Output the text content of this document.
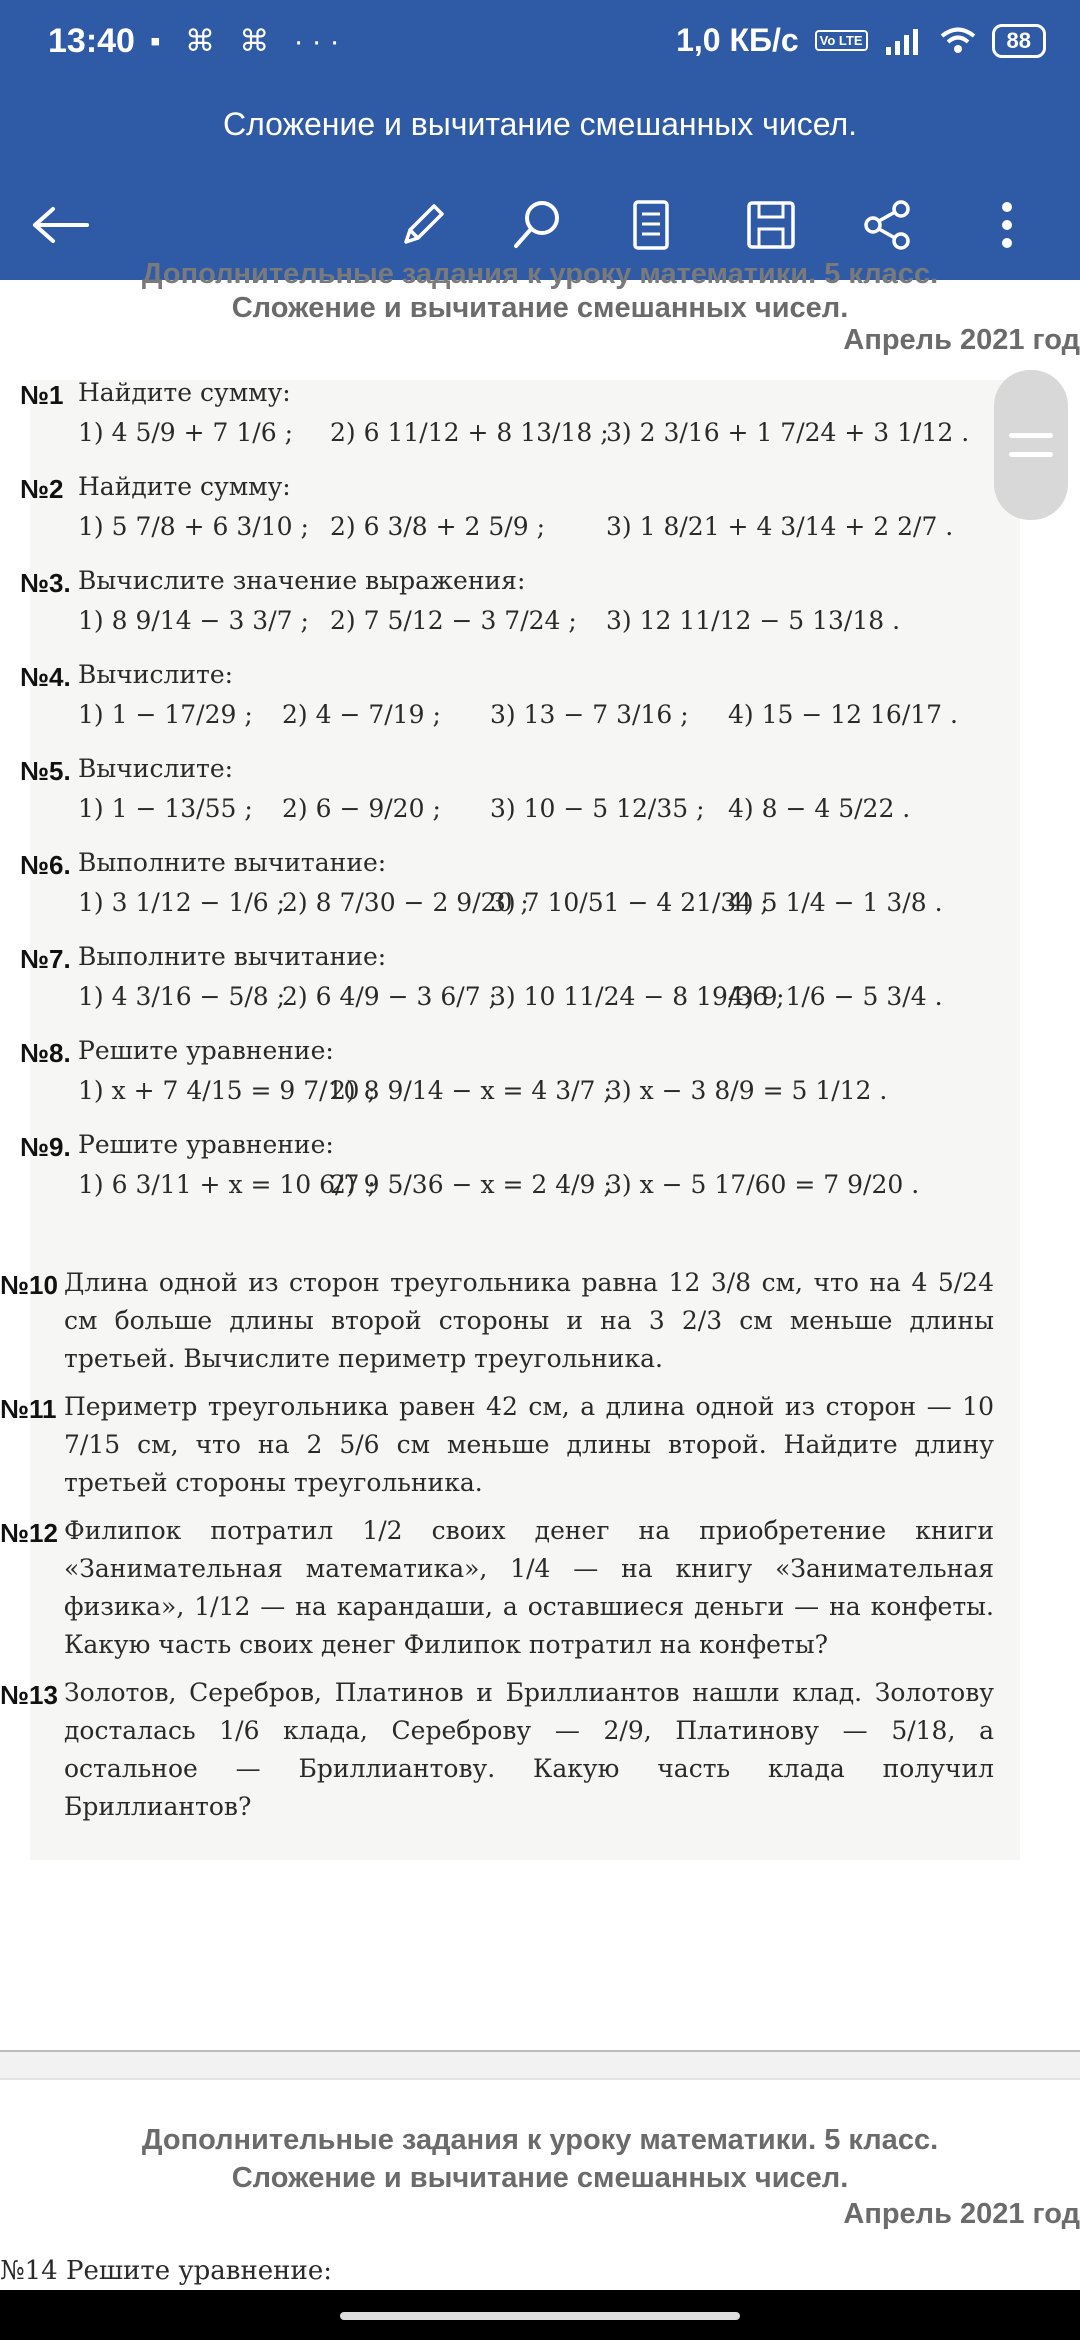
13:40 ▪ ⌘ ⌘ ···	1,0 КБ/с	Vo LTE	88
Сложение и вычитание смешанных чисел.
Дополнительные задания к уроку математики. 5 класс.
Сложение и вычитание смешанных чисел.
Апрель 2021 год
№1 Найдите сумму:
1) 4 5/9 + 7 1/6 ; 2) 6 11/12 + 8 13/18 ;
3) 2 3/16 + 1 7/24 + 3 1/12 .
№2 Найдите сумму:
1) 5 7/8 + 6 3/10 ; 2) 6 3/8 + 2 5/9 ; 3) 1 8/21 + 4 3/14 + 2 2/7 .
№3. Вычислите значение выражения:
1) 8 9/14 − 3 3/7 ; 2) 7 5/12 − 3 7/24 ; 3) 12 11/12 − 5 13/18 .
№4. Вычислите:
1) 1 − 17/29 ; 2) 4 − 7/19 ; 3) 13 − 7 3/16 ; 4) 15 − 12 16/17 .
№5. Вычислите:
1) 1 − 13/55 ; 2) 6 − 9/20 ; 3) 10 − 5 12/35 ; 4) 8 − 4 5/22 .
№6. Выполните вычитание:
1) 3 1/12 − 1/6 ;
2) 8 7/30 − 2 9/20 ;
3) 7 10/51 − 4 21/34 ;
4) 5 1/4 − 1 3/8 .
№7. Выполните вычитание:
1) 4 3/16 − 5/8 ;
2) 6 4/9 − 3 6/7 ;
3) 10 11/24 − 8 19/36 ;
4) 9 1/6 − 5 3/4 .
№8. Решите уравнение:
1) x + 7 4/15 = 9 7/10 ;
2) 8 9/14 − x = 4 3/7 ;
3) x − 3 8/9 = 5 1/12 .
№9. Решите уравнение:
1) 6 3/11 + x = 10 6/7 ;
2) 9 5/36 − x = 2 4/9 ;
3) x − 5 17/60 = 7 9/20 .
№10 Длина одной из сторон треугольника равна 12 3/8 см, что на 4 5/24 см больше длины второй стороны и на 3 2/3 см меньше длины третьей. Вычислите периметр треугольника.
№11 Периметр треугольника равен 42 см, а длина одной из сторон — 10 7/15 см, что на 2 5/6 см меньше длины второй. Найдите длину третьей стороны треугольника.
№12 Филипок потратил 1/2 своих денег на приобретение книги «Занимательная математика», 1/4 — на книгу «Занимательная физика», 1/12 — на карандаши, а оставшиеся деньги — на конфеты. Какую часть своих денег Филипок потратил на конфеты?
№13 Золотов, Серебров, Платинов и Бриллиантов нашли клад. Золотову досталась 1/6 клада, Сереброву — 2/9, Платинову — 5/18, а остальное — Бриллиантову. Какую часть клада получил Бриллиантов?
Дополнительные задания к уроку математики. 5 класс.
Сложение и вычитание смешанных чисел.
Апрель 2021 год
№14 Решите уравнение:
